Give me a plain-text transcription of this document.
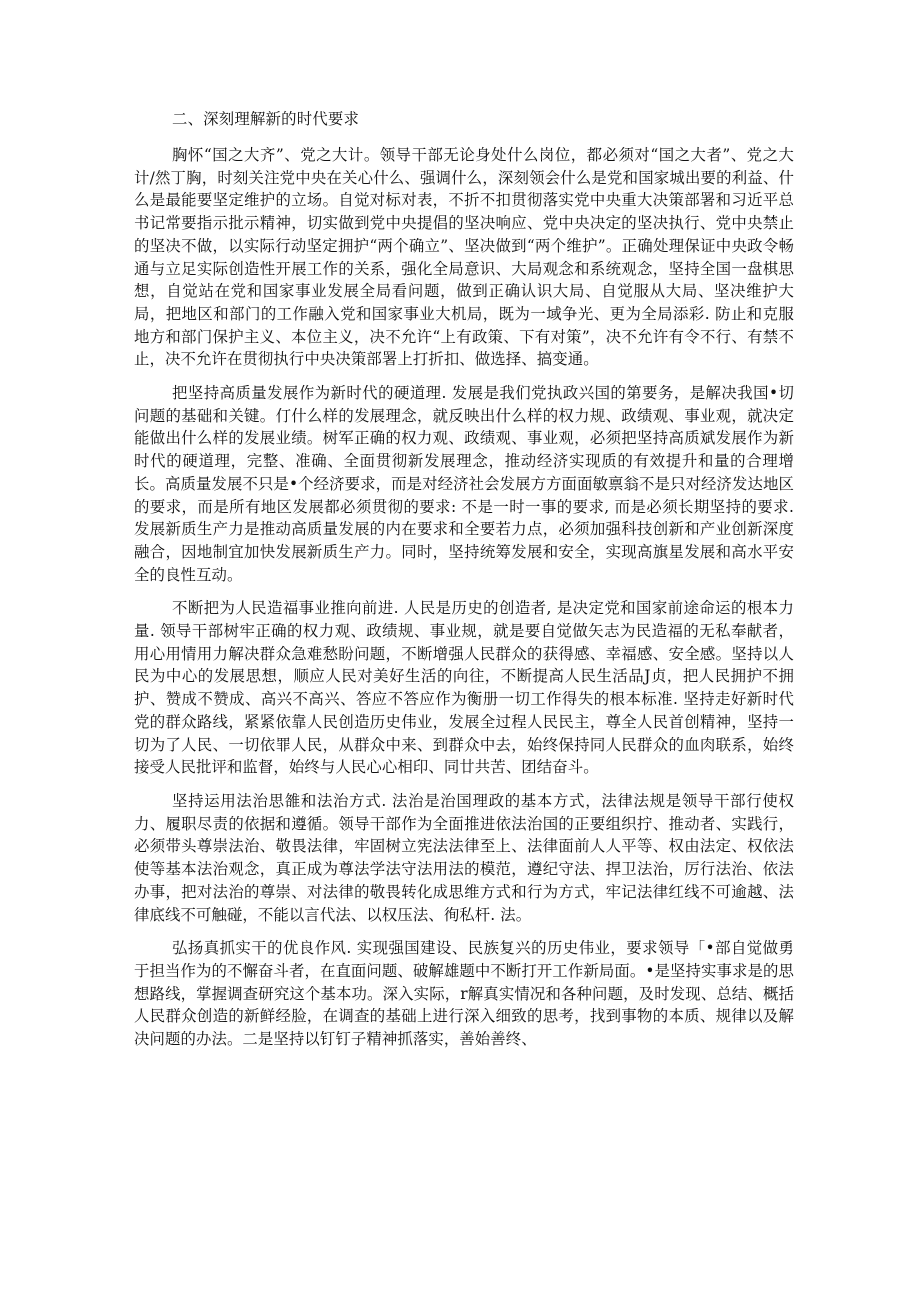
二、深刻理解新的时代要求

胸怀“国之大齐”、党之大计。领导干部无论身处什么岗位，都必须对“国之大者”、党之大计/然丁胸，时刻关注党中央在关心什么、强调什么，深刻领会什么是党和国家城出要的利益、什么是最能要坚定维护的立场。自觉对标对表，不折不扣贯彻落实党中央重大决策部署和习近平总书记常要指示批示精神，切实做到党中央提倡的坚决响应、党中央决定的坚决执行、党中央禁止的坚决不做，以实际行动坚定拥护“两个确立”、坚决做到“两个维护”。正确处理保证中央政令畅通与立足实际创造性开展工作的关系，强化全局意识、大局观念和系统观念，坚持全国一盘棋思想，自觉站在党和国家事业发展全局看问题，做到正确认识大局、自觉服从大局、坚决维护大局，把地区和部门的工作融入党和国家事业大机局，既为一域争光、更为全局添彩. 防止和克服地方和部门保护主义、本位主义，决不允许“上有政策、下有对策”，决不允许有令不行、有禁不止，决不允许在贯彻执行中央决策部署上打折扣、做选择、搞变通。

把坚持高质量发展作为新时代的硬道理. 发展是我们党执政兴国的第要务，是解决我国•切问题的基础和关键。仃什么样的发展理念，就反映出什么样的权力规、政绩观、事业观，就决定能做出什么样的发展业绩。树军正确的权力观、政绩观、事业观，必须把坚持高质斌发展作为新时代的硬道理，完整、准确、全面贯彻新发展理念，推动经济实现质的有效提升和量的合理增长。高质量发展不只是•个经济要求，而是对经济社会发展方方面面敏禀翁不是只对经济发达地区的要求，而是所有地区发展都必须贯彻的要求: 不是一时一事的要求, 而是必须长期坚持的要求. 发展新质生产力是推动高质量发展的内在要求和全要若力点，必须加强科技创新和产业创新深度融合，因地制宜加快发展新质生产力。同时，坚持统筹发展和安全，实现高旗星发展和高水平安全的良性互动。

不断把为人民造福事业推向前进. 人民是历史的创造者, 是决定党和国家前途命运的根本力量. 领导干部树牢正确的权力观、政绩规、事业规，就是要自觉做矢志为民造福的无私奉献者，用心用情用力解决群众急难愁盼问题，不断增强人民群众的获得感、幸福感、安全感。坚持以人民为中心的发展思想，顺应人民对美好生活的向往，不断提高人民生活品J贞，把人民拥护不拥护、赞成不赞成、高兴不高兴、答应不答应作为衡册一切工作得失的根本标准. 坚持走好新时代党的群众路线，紧紧依靠人民创造历史伟业，发展全过程人民民主，尊全人民首创精神，坚持一切为了人民、一切依罪人民，从群众中来、到群众中去，始终保持同人民群众的血肉联系，始终接受人民批评和监督，始终与人民心心相印、同廿共苦、团结奋斗。

坚持运用法治思雒和法治方式. 法治是治国理政的基本方式，法律法规是领导干部行使权力、履职尽责的依据和遵循。领导干部作为全面推进依法治国的正要组织拧、推动者、实践行，必须带头尊崇法治、敬畏法律，牢固树立宪法法律至上、法律面前人人平等、权由法定、权依法使等基本法治观念，真正成为尊法学法守法用法的模范，遵纪守法、捍卫法治，厉行法治、依法办事，把对法治的尊崇、对法律的敬畏转化成思维方式和行为方式，牢记法律红线不可逾越、法律底线不可触碰，不能以言代法、以权压法、徇私杆. 法。

弘扬真抓实干的优良作风. 实现强国建设、民族复兴的历史伟业，要求领导「•部自觉做勇于担当作为的不懈奋斗者，在直面问题、破解雄题中不断打开工作新局面。•是坚持实事求是的思想路线，掌握调查研究这个基本功。深入实际，r解真实情况和各种问题，及时发现、总结、概括人民群众创造的新鲜经脸，在调查的基础上进行深入细致的思考，找到事物的本质、规律以及解决问题的办法。二是坚持以钉钉子精神抓落实，善始善终、
